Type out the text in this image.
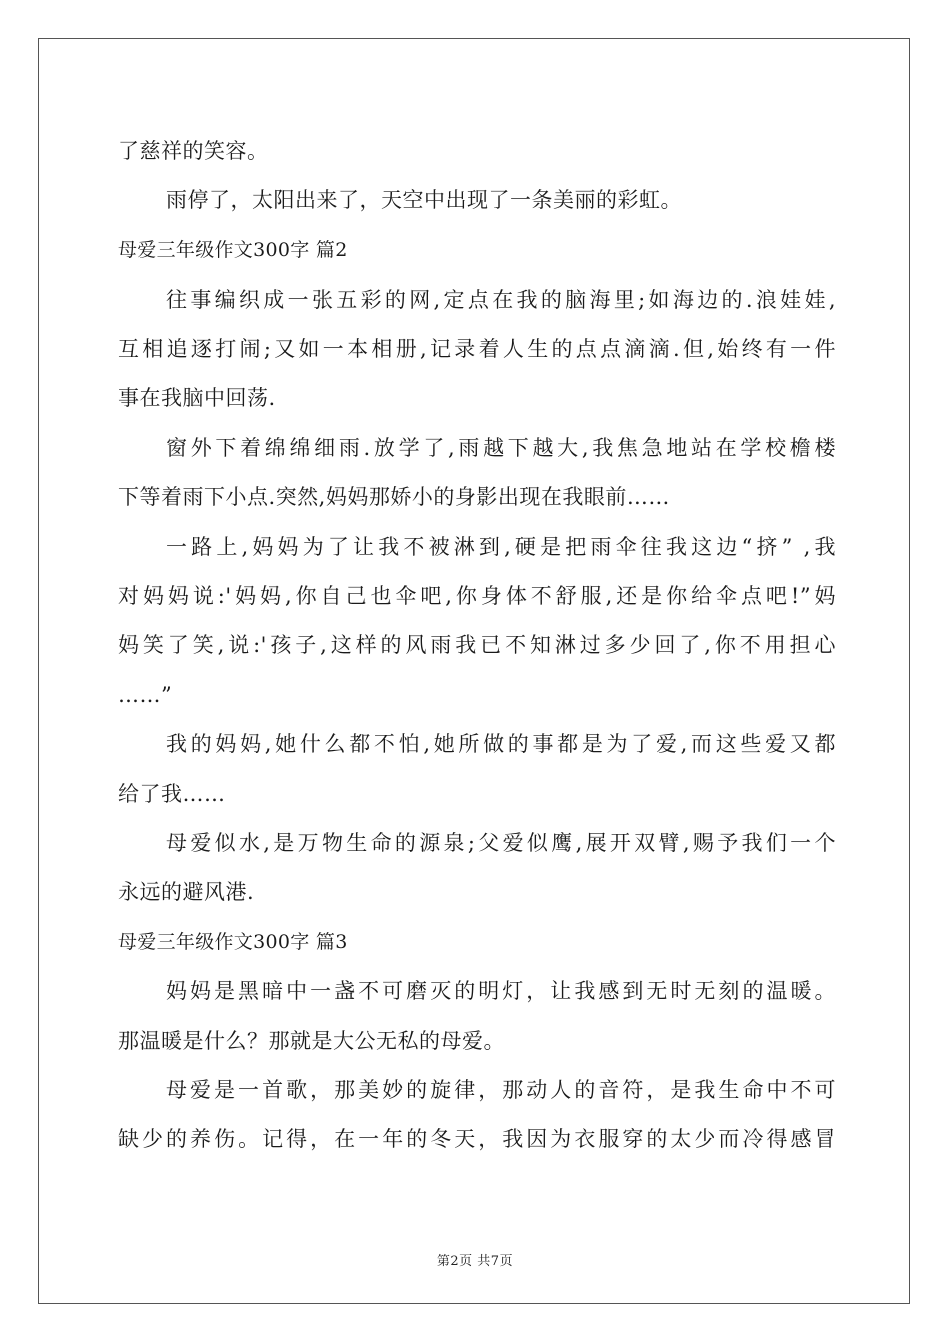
了慈祥的笑容。
雨停了，太阳出来了，天空中出现了一条美丽的彩虹。
母爱三年级作文300字 篇2
往事编织成一张五彩的网,定点在我的脑海里;如海边的.浪娃娃,
互相追逐打闹;又如一本相册,记录着人生的点点滴滴.但,始终有一件
事在我脑中回荡.
窗外下着绵绵细雨.放学了,雨越下越大,我焦急地站在学校檐楼
下等着雨下小点.突然,妈妈那娇小的身影出现在我眼前……
一路上,妈妈为了让我不被淋到,硬是把雨伞往我这边“挤” ,我
对妈妈说:'妈妈,你自己也伞吧,你身体不舒服,还是你给伞点吧!”妈
妈笑了笑,说:'孩子,这样的风雨我已不知淋过多少回了,你不用担心
……”
我的妈妈,她什么都不怕,她所做的事都是为了爱,而这些爱又都
给了我……
母爱似水,是万物生命的源泉;父爱似鹰,展开双臂,赐予我们一个
永远的避风港.
母爱三年级作文300字 篇3
妈妈是黑暗中一盏不可磨灭的明灯，让我感到无时无刻的温暖。
那温暖是什么？那就是大公无私的母爱。
母爱是一首歌，那美妙的旋律，那动人的音符，是我生命中不可
缺少的养伤。记得，在一年的冬天，我因为衣服穿的太少而冷得感冒
第2页 共7页
